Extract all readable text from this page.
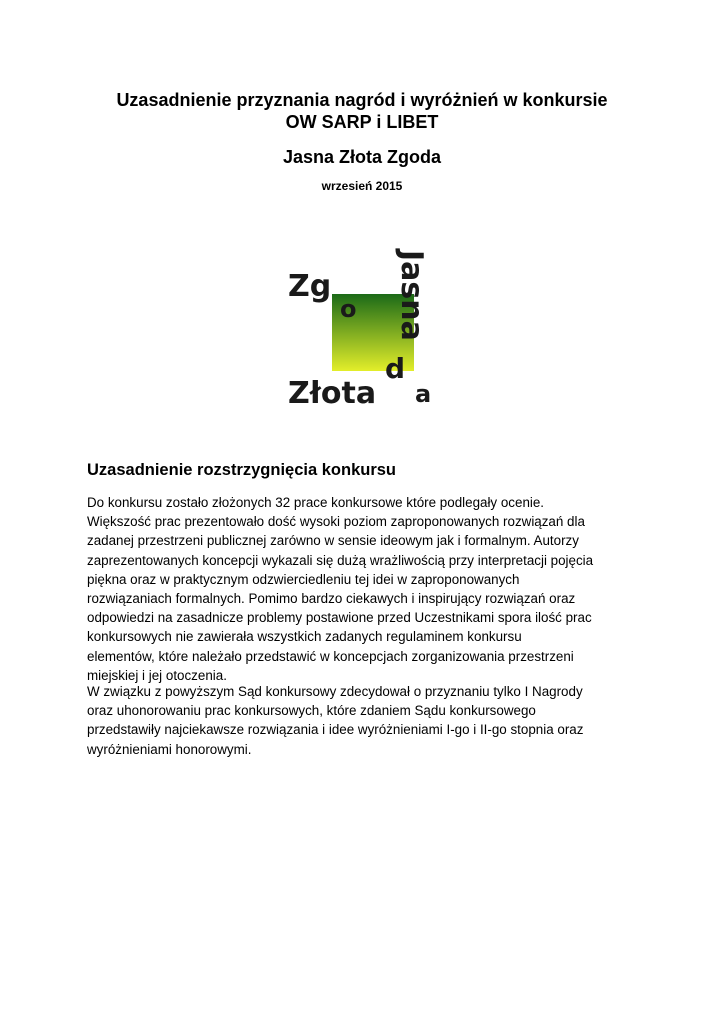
Uzasadnienie przyznania nagród i wyróżnień w konkursie
OW SARP i LIBET
Jasna Złota Zgoda
wrzesień 2015
Zg
o
d
Złota a
Jasna
Uzasadnienie rozstrzygnięcia konkursu
Do konkursu zostało złożonych 32 prace konkursowe które podlegały ocenie.
Większość prac prezentowało dość wysoki poziom zaproponowanych rozwiązań dla
zadanej przestrzeni publicznej zarówno w sensie ideowym jak i formalnym. Autorzy
zaprezentowanych koncepcji wykazali się dużą wrażliwością przy interpretacji pojęcia
piękna oraz w praktycznym odzwierciedleniu tej idei w zaproponowanych
rozwiązaniach formalnych. Pomimo bardzo ciekawych i inspirujący rozwiązań oraz
odpowiedzi na zasadnicze problemy postawione przed Uczestnikami spora ilość prac
konkursowych nie zawierała wszystkich zadanych regulaminem konkursu
elementów, które należało przedstawić w koncepcjach zorganizowania przestrzeni
miejskiej i jej otoczenia.
W związku z powyższym Sąd konkursowy zdecydował o przyznaniu tylko I Nagrody
oraz uhonorowaniu prac konkursowych, które zdaniem Sądu konkursowego
przedstawiły najciekawsze rozwiązania i idee wyróżnieniami I-go i II-go stopnia oraz
wyróżnieniami honorowymi.
